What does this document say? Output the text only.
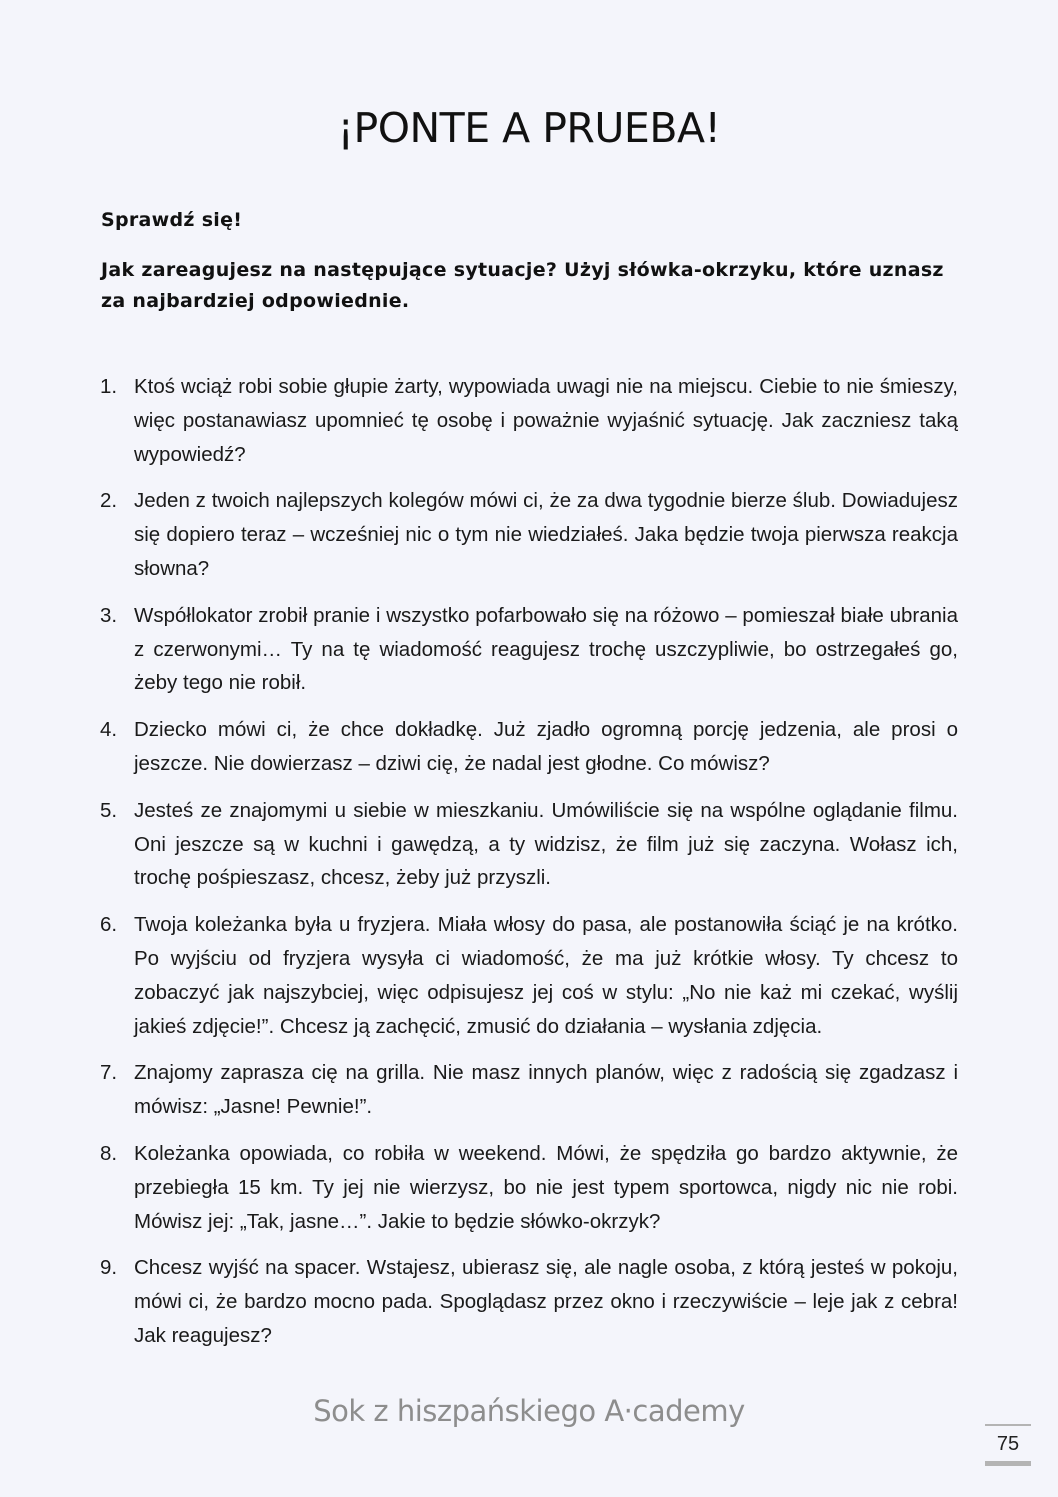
¡PONTE A PRUEBA!

Sprawdź się!

Jak zareagujesz na następujące sytuacje? Użyj słówka-okrzyku, które uznasz za najbardziej odpowiednie.

1. Ktoś wciąż robi sobie głupie żarty, wypowiada uwagi nie na miejscu. Ciebie to nie śmieszy, więc postanawiasz upomnieć tę osobę i poważnie wyjaśnić sytuację. Jak zaczniesz taką wypowiedź?
2. Jeden z twoich najlepszych kolegów mówi ci, że za dwa tygodnie bierze ślub. Dowiadujesz się dopiero teraz – wcześniej nic o tym nie wiedziałeś. Jaka będzie twoja pierwsza reakcja słowna?
3. Współlokator zrobił pranie i wszystko pofarbowało się na różowo – pomieszał białe ubrania z czerwonymi… Ty na tę wiadomość reagujesz trochę uszczypliwie, bo ostrzegałeś go, żeby tego nie robił.
4. Dziecko mówi ci, że chce dokładkę. Już zjadło ogromną porcję jedzenia, ale prosi o jeszcze. Nie dowierzasz – dziwi cię, że nadal jest głodne. Co mówisz?
5. Jesteś ze znajomymi u siebie w mieszkaniu. Umówiliście się na wspólne oglądanie filmu. Oni jeszcze są w kuchni i gawędzą, a ty widzisz, że film już się zaczyna. Wołasz ich, trochę pośpieszasz, chcesz, żeby już przyszli.
6. Twoja koleżanka była u fryzjera. Miała włosy do pasa, ale postanowiła ściąć je na krótko. Po wyjściu od fryzjera wysyła ci wiadomość, że ma już krótkie włosy. Ty chcesz to zobaczyć jak najszybciej, więc odpisujesz jej coś w stylu: „No nie każ mi czekać, wyślij jakieś zdjęcie!”. Chcesz ją zachęcić, zmusić do działania – wysłania zdjęcia.
7. Znajomy zaprasza cię na grilla. Nie masz innych planów, więc z radością się zgadzasz i mówisz: „Jasne! Pewnie!”.
8. Koleżanka opowiada, co robiła w weekend. Mówi, że spędziła go bardzo aktywnie, że przebiegła 15 km. Ty jej nie wierzysz, bo nie jest typem sportowca, nigdy nic nie robi. Mówisz jej: „Tak, jasne…”. Jakie to będzie słówko-okrzyk?
9. Chcesz wyjść na spacer. Wstajesz, ubierasz się, ale nagle osoba, z którą jesteś w pokoju, mówi ci, że bardzo mocno pada. Spoglądasz przez okno i rzeczywiście – leje jak z cebra! Jak reagujesz?
Sok z hiszpańskiego A·cademy
75
